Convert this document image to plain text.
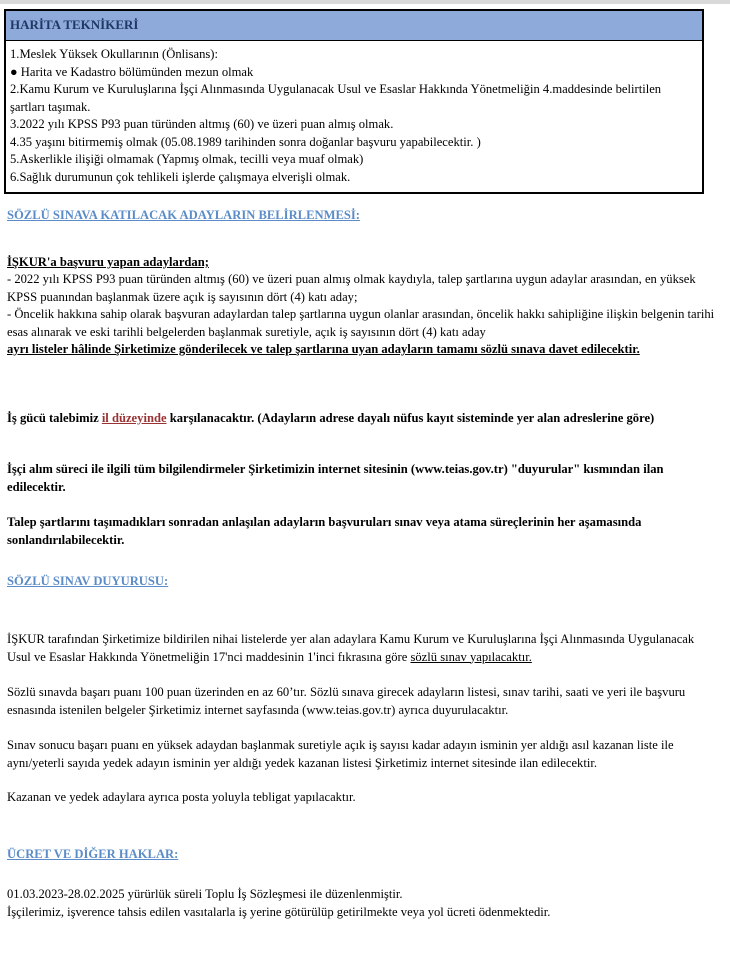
HARİTA TEKNİKERİ
1.Meslek Yüksek Okullarının (Önlisans):
● Harita ve Kadastro bölümünden mezun olmak
2.Kamu Kurum ve Kuruluşlarına İşçi Alınmasında Uygulanacak Usul ve Esaslar Hakkında Yönetmeliğin 4.maddesinde belirtilen şartları taşımak.
3.2022 yılı KPSS P93 puan türünden altmış (60) ve üzeri puan almış olmak.
4.35 yaşını bitirmemiş olmak (05.08.1989 tarihinden sonra doğanlar başvuru yapabilecektir. )
5.Askerlikle ilişiği olmamak (Yapmış olmak, tecilli veya muaf olmak)
6.Sağlık durumunun çok tehlikeli işlerde çalışmaya elverişli olmak.
SÖZLÜ SINAVA KATILACAK ADAYLARIN BELİRLENMESİ:
İŞKUR'a başvuru yapan adaylardan;
- 2022 yılı KPSS P93 puan türünden altmış (60) ve üzeri puan almış olmak kaydıyla, talep şartlarına uygun adaylar arasından, en yüksek KPSS puanından başlanmak üzere açık iş sayısının dört (4) katı aday;
- Öncelik hakkına sahip olarak başvuran adaylardan talep şartlarına uygun olanlar arasından, öncelik hakkı sahipliğine ilişkin belgenin tarihi esas alınarak ve eski tarihli belgelerden başlanmak suretiyle, açık iş sayısının dört (4) katı aday
ayrı listeler hâlinde Şirketimize gönderilecek ve talep şartlarına uyan adayların tamamı sözlü sınava davet edilecektir.
İş gücü talebimiz il düzeyinde karşılanacaktır. (Adayların adrese dayalı nüfus kayıt sisteminde yer alan adreslerine göre)
İşçi alım süreci ile ilgili tüm bilgilendirmeler Şirketimizin internet sitesinin (www.teias.gov.tr) "duyurular" kısmından ilan edilecektir.
Talep şartlarını taşımadıkları sonradan anlaşılan adayların başvuruları sınav veya atama süreçlerinin her aşamasında sonlandırılabilecektir.
SÖZLÜ SINAV DUYURUSU:
İŞKUR tarafından Şirketimize bildirilen nihai listelerde yer alan adaylara Kamu Kurum ve Kuruluşlarına İşçi Alınmasında Uygulanacak Usul ve Esaslar Hakkında Yönetmeliğin 17'nci maddesinin 1'inci fıkrasına göre sözlü sınav yapılacaktır.
Sözlü sınavda başarı puanı 100 puan üzerinden en az 60’tır. Sözlü sınava girecek adayların listesi, sınav tarihi, saati ve yeri ile başvuru esnasında istenilen belgeler Şirketimiz internet sayfasında (www.teias.gov.tr) ayrıca duyurulacaktır.
Sınav sonucu başarı puanı en yüksek adaydan başlanmak suretiyle açık iş sayısı kadar adayın isminin yer aldığı asıl kazanan liste ile aynı/yeterli sayıda yedek adayın isminin yer aldığı yedek kazanan listesi Şirketimiz internet sitesinde ilan edilecektir.
Kazanan ve yedek adaylara ayrıca posta yoluyla tebligat yapılacaktır.
ÜCRET VE DİĞER HAKLAR:
01.03.2023-28.02.2025 yürürlük süreli Toplu İş Sözleşmesi ile düzenlenmiştir.
İşçilerimiz, işverence tahsis edilen vasıtalarla iş yerine götürülüp getirilmekte veya yol ücreti ödenmektedir.
